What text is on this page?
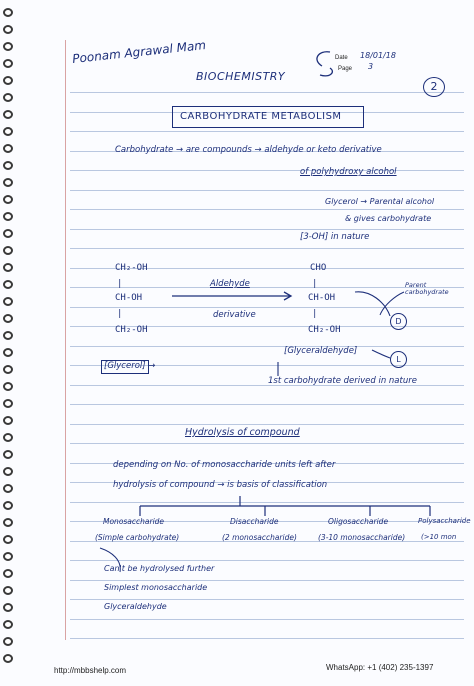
Poonam Agrawal Mam
BIOCHEMISTRY
Date 18/01/18
Page 3
2
CARBOHYDRATE METABOLISM
Carbohydrate → are compounds → aldehyde or keto derivative
of polyhydroxy alcohol
Glycerol → Parental alcohol
& gives carbohydrate
[3-OH] in nature
CH₂-OH
|
CH-OH
|
CH₂-OH
CHO
|
CH-OH
|
CH₂-OH
Aldehyde
derivative
Parent carbohydrate
[Glycerol] →
[Glyceraldehyde]
D
L
1st carbohydrate derived in nature
Hydrolysis of compound
depending on No. of monosaccharide units left after
hydrolysis of compound → is basis of classification
Monosaccharide
(Simple carbohydrate)
Disaccharide
(2 monosaccharide)
Oligosaccharide
(3-10 monosaccharide)
Polysaccharide
(>10 mon
Can't be hydrolysed further
Simplest monosaccharide
Glyceraldehyde
http://mbbshelp.com	WhatsApp: +1 (402) 235-1397
